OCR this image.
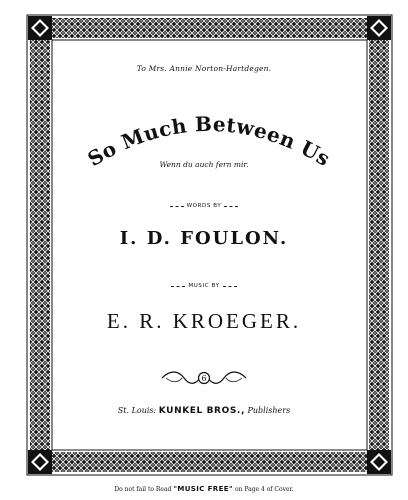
To Mrs. Annie Norton-Hartdegen.
So Much Between Us
Wenn du auch fern mir.
WORDS BY
I. D. FOULON.
MUSIC BY
E. R. KROEGER.
6
St. Louis: KUNKEL BROS., Publishers
Do not fail to Read "MUSIC FREE" on Page 4 of Cover.
